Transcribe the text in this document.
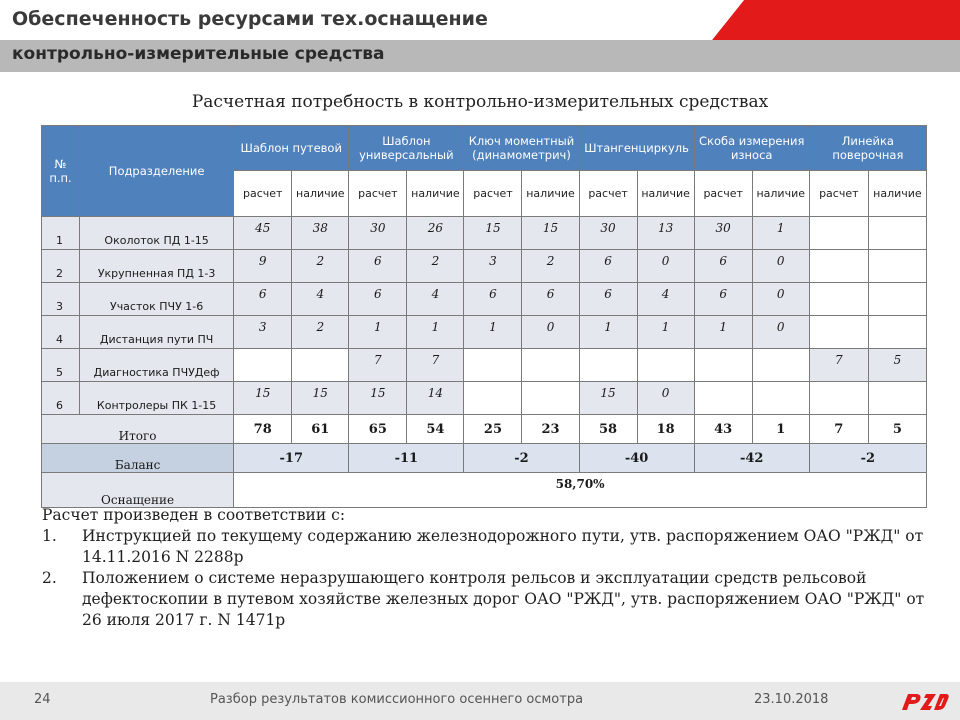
Обеспеченность ресурсами тех.оснащение
контрольно-измерительные средства
Расчетная потребность в контрольно-измерительных средствах
№ п.п.	Подразделение	Шаблон путевой		Шаблон универсальный		Ключ моментный (динамометрич)		Штангенциркуль		Скоба измерения износа		Линейка поверочная	
		расчет	наличие	расчет	наличие	расчет	наличие	расчет	наличие	расчет	наличие	расчет	наличие
1	Околоток ПД 1-15	45	38	30	26	15	15	30	13	30	1		
2	Укрупненная ПД 1-3	9	2	6	2	3	2	6	0	6	0		
3	Участок ПЧУ 1-6	6	4	6	4	6	6	6	4	6	0		
4	Дистанция пути ПЧ	3	2	1	1	1	0	1	1	1	0		
5	Диагностика ПЧУДеф			7	7							7	5
6	Контролеры ПК 1-15	15	15	15	14			15	0				
Итого		78	61	65	54	25	23	58	18	43	1	7	5
Баланс		-17		-11		-2		-40		-42		-2	
Оснащение		58,70%											
Расчет произведен в соответствии с:
1.	Инструкцией по текущему содержанию железнодорожного пути, утв. распоряжением ОАО "РЖД" от 14.11.2016 N 2288р
2.	Положением о системе неразрушающего контроля рельсов и эксплуатации средств рельсовой дефектоскопии в путевом хозяйстве железных дорог ОАО "РЖД", утв. распоряжением ОАО "РЖД" от 26 июля 2017 г. N 1471р
24	Разбор результатов комиссионного осеннего осмотра	23.10.2018
